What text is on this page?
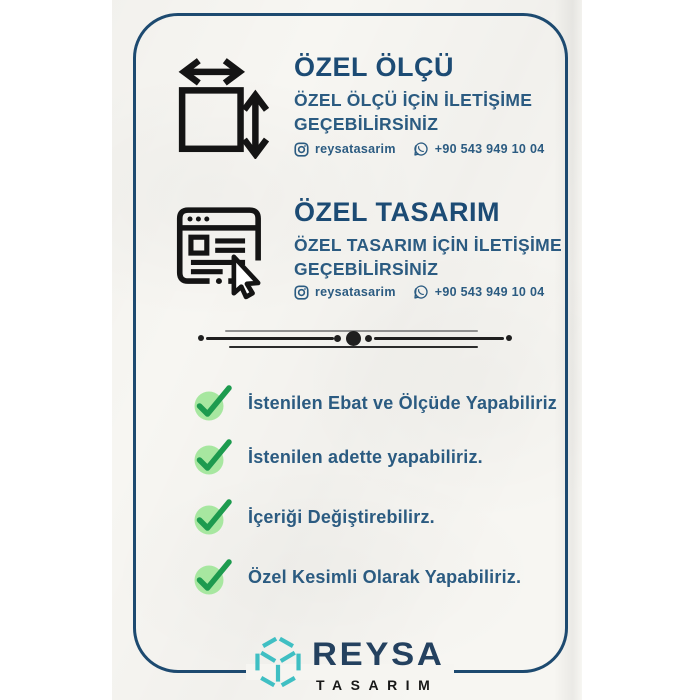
ÖZEL ÖLÇÜ
ÖZEL ÖLÇÜ İÇİN İLETİŞİME
GEÇEBİLİRSİNİZ
reysatasarim	+90 543 949 10 04
ÖZEL TASARIM
ÖZEL TASARIM İÇİN İLETİŞİME
GEÇEBİLİRSİNİZ
reysatasarim	+90 543 949 10 04
İstenilen Ebat ve Ölçüde Yapabiliriz
İstenilen adette yapabiliriz.
İçeriği Değiştirebilirz.
Özel Kesimli Olarak Yapabiliriz.
REYSA
TASARIM
